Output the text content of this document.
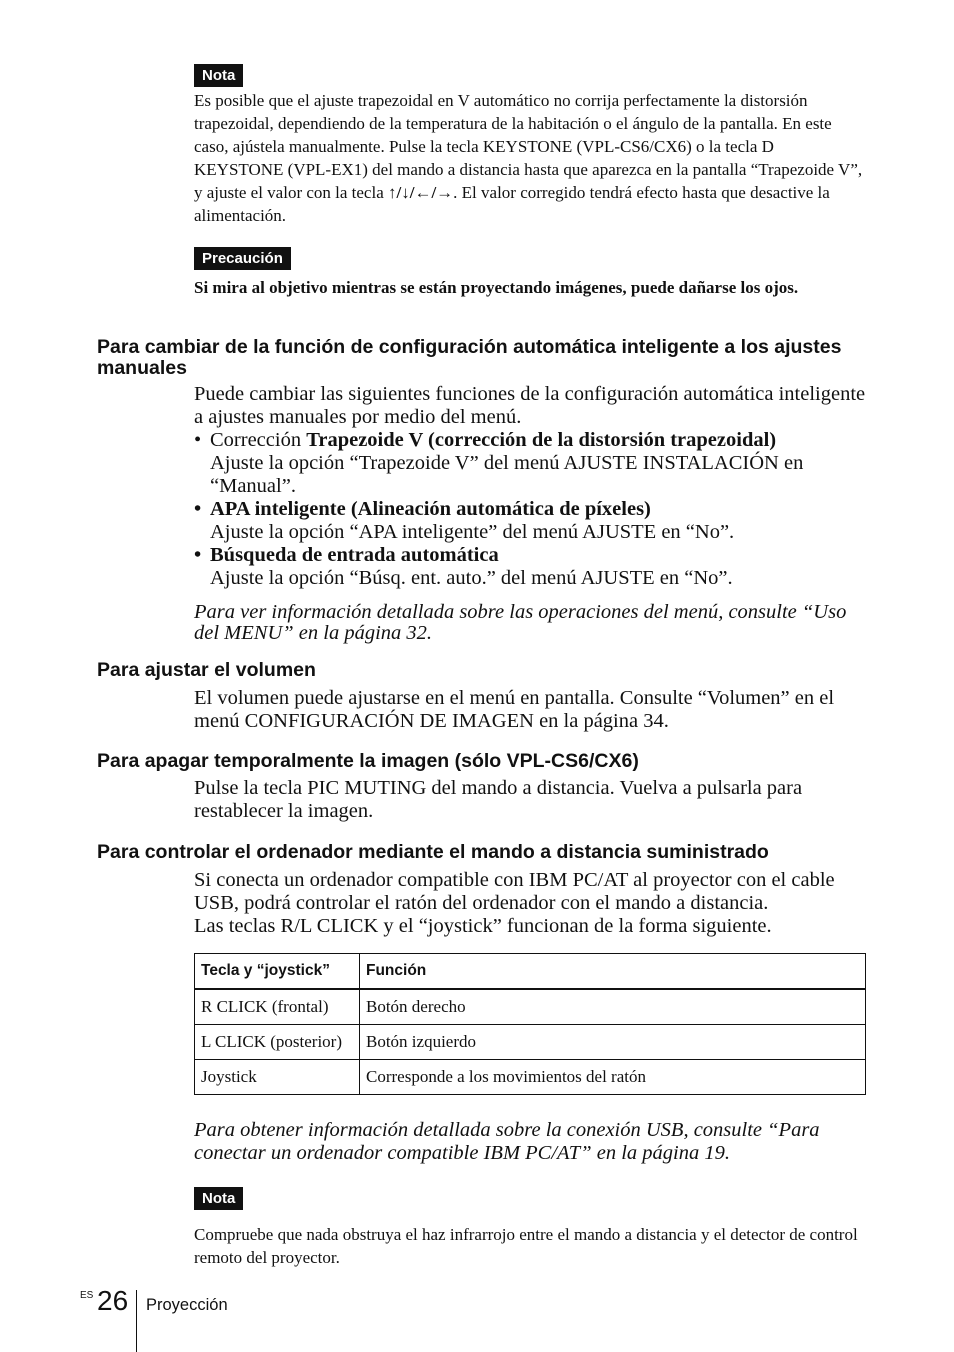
Nota
Es posible que el ajuste trapezoidal en V automático no corrija perfectamente la distorsión trapezoidal, dependiendo de la temperatura de la habitación o el ángulo de la pantalla. En este caso, ajústela manualmente. Pulse la tecla KEYSTONE (VPL-CS6/CX6) o la tecla D KEYSTONE (VPL-EX1) del mando a distancia hasta que aparezca en la pantalla “Trapezoide V”, y ajuste el valor con la tecla ↑/↓/←/→. El valor corregido tendrá efecto hasta que desactive la alimentación.
Precaución
Si mira al objetivo mientras se están proyectando imágenes, puede dañarse los ojos.
Para cambiar de la función de configuración automática inteligente a los ajustes manuales
Puede cambiar las siguientes funciones de la configuración automática inteligente a ajustes manuales por medio del menú.
• Corrección Trapezoide V (corrección de la distorsión trapezoidal)
Ajuste la opción “Trapezoide V” del menú AJUSTE INSTALACIÓN en “Manual”.
• APA inteligente (Alineación automática de píxeles)
Ajuste la opción “APA inteligente” del menú AJUSTE en “No”.
• Búsqueda de entrada automática
Ajuste la opción “Búsq. ent. auto.” del menú AJUSTE en “No”.
Para ver información detallada sobre las operaciones del menú, consulte “Uso del MENU” en la página 32.
Para ajustar el volumen
El volumen puede ajustarse en el menú en pantalla. Consulte “Volumen” en el menú CONFIGURACIÓN DE IMAGEN en la página 34.
Para apagar temporalmente la imagen (sólo VPL-CS6/CX6)
Pulse la tecla PIC MUTING del mando a distancia. Vuelva a pulsarla para restablecer la imagen.
Para controlar el ordenador mediante el mando a distancia suministrado
Si conecta un ordenador compatible con IBM PC/AT al proyector con el cable USB, podrá controlar el ratón del ordenador con el mando a distancia.
Las teclas R/L CLICK y el “joystick” funcionan de la forma siguiente.
Tecla y “joystick”	Función
R CLICK (frontal)	Botón derecho
L CLICK (posterior)	Botón izquierdo
Joystick	Corresponde a los movimientos del ratón
Para obtener información detallada sobre la conexión USB, consulte “Para conectar un ordenador compatible IBM PC/AT” en la página 19.
Nota
Compruebe que nada obstruya el haz infrarrojo entre el mando a distancia y el detector de control remoto del proyector.
ES 26 Proyección
